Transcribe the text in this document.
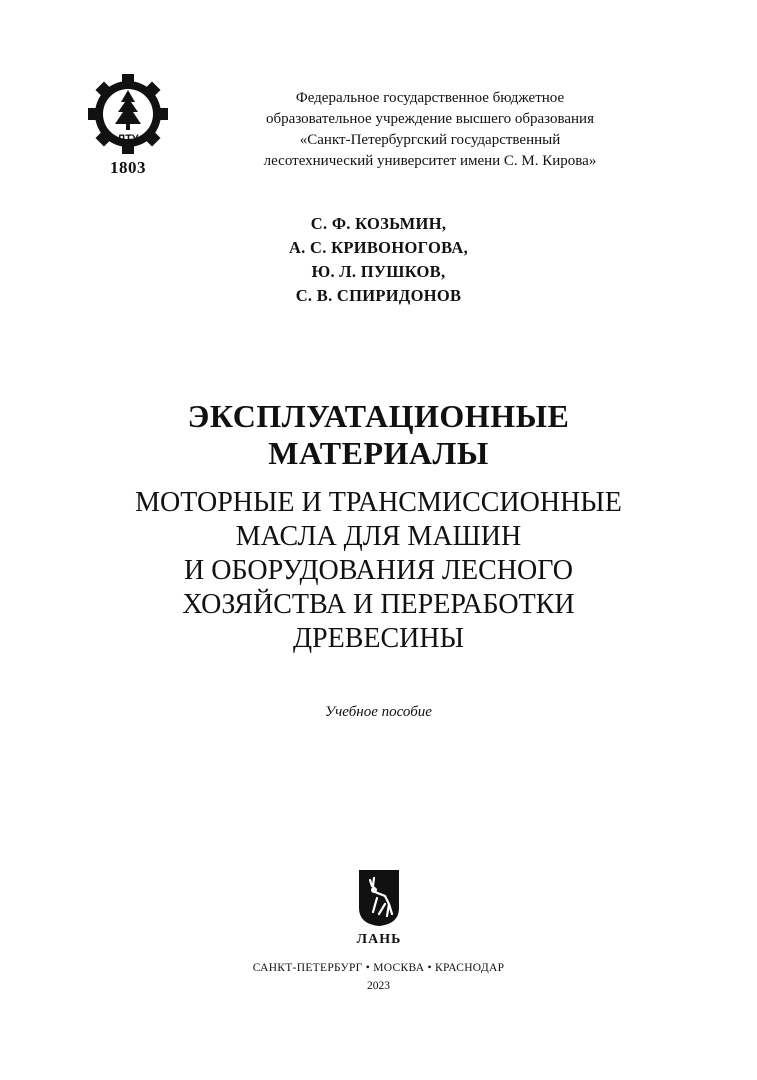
ЛТУ
1803
Федеральное государственное бюджетное
образовательное учреждение высшего образования
«Санкт-Петербургский государственный
лесотехнический университет имени С. М. Кирова»
С. Ф. КОЗЬМИН,
А. С. КРИВОНОГОВА,
Ю. Л. ПУШКОВ,
С. В. СПИРИДОНОВ
ЭКСПЛУАТАЦИОННЫЕ
МАТЕРИАЛЫ
МОТОРНЫЕ И ТРАНСМИССИОННЫЕ
МАСЛА ДЛЯ МАШИН
И ОБОРУДОВАНИЯ ЛЕСНОГО
ХОЗЯЙСТВА И ПЕРЕРАБОТКИ
ДРЕВЕСИНЫ
Учебное пособие
ЛАНЬ
САНКТ-ПЕТЕРБУРГ • МОСКВА • КРАСНОДАР
2023
